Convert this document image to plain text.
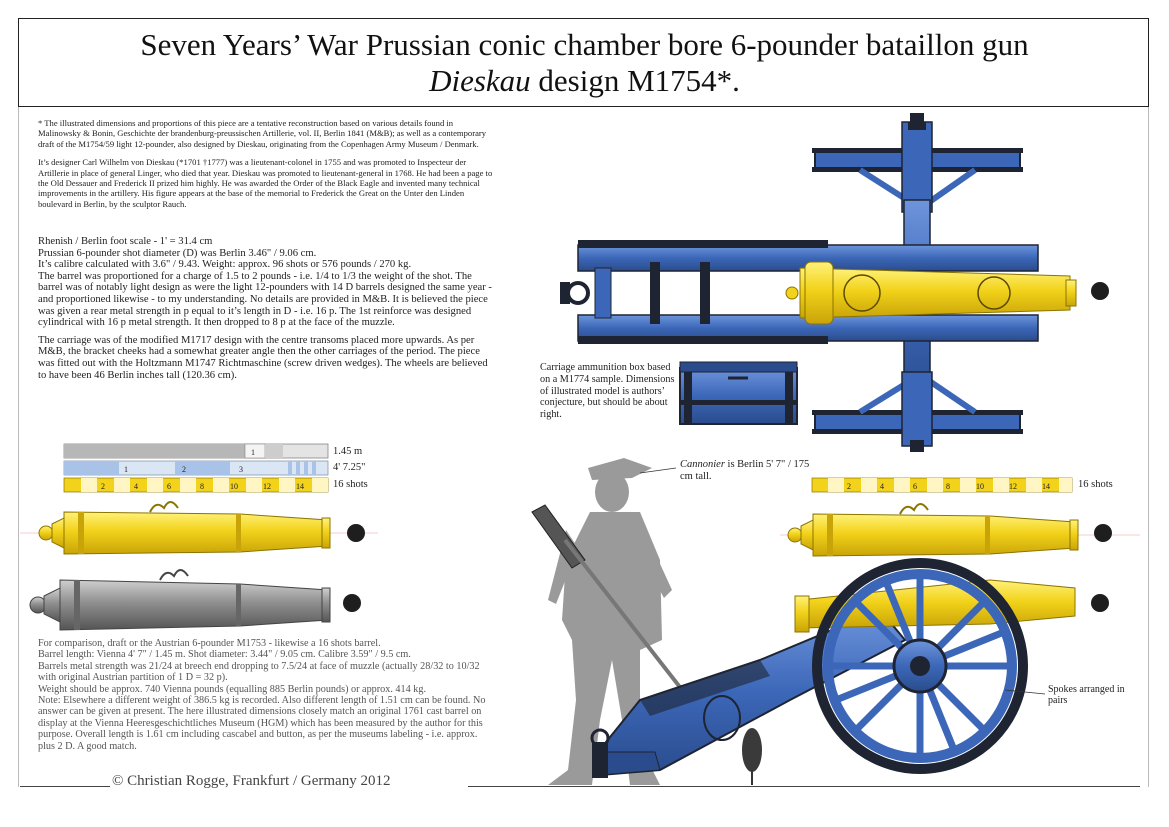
Seven Years’ War Prussian conic chamber bore 6-pounder bataillon gun
Dieskau design M1754*.

* The illustrated dimensions and proportions of this piece are a tentative reconstruction based on various details found in Malinowsky & Bonin, Geschichte der brandenburg-preussischen Artillerie, vol. II, Berlin 1841 (M&B); as well as a contemporary draft of the M1754/59 light 12-pounder, also designed by Dieskau, originating from the Copenhagen Army Museum / Denmark.

It’s designer Carl Wilhelm von Dieskau (*1701 †1777) was a lieutenant-colonel in 1755 and was promoted to Inspecteur der Artillerie in place of general Linger, who died that year. Dieskau was promoted to lieutenant-general in 1768. He had been a page to the Old Dessauer and Frederick II prized him highly. He was awarded the Order of the Black Eagle and invented many technical improvements in the artillery. His figure appears at the base of the memorial to Frederick the Great on the Unter den Linden boulevard in Berlin, by the sculptor Rauch.

Rhenish / Berlin foot scale - 1' = 31.4 cm
Prussian 6-pounder shot diameter (D) was Berlin 3.46" / 9.06 cm.
It’s calibre calculated with 3.6" / 9.43. Weight: approx. 96 shots or 576 pounds / 270 kg.
The barrel was proportioned for a charge of 1.5 to 2 pounds - i.e. 1/4 to 1/3 the weight of the shot. The barrel was of notably light design as were the light 12-pounders with 14 D barrels designed the same year - and proportioned likewise - to my understanding. No details are provided in M&B. It is believed the piece was given a rear metal strength in p equal to it’s length in D - i.e. 16 p. The 1st reinforce was designed cylindrical with 16 p metal strength. It then dropped to 8 p at the face of the muzzle.

The carriage was of the modified M1717 design with the centre transoms placed more upwards. As per M&B, the bracket cheeks had a somewhat greater angle then the other carriages of the period. The piece was fitted out with the Holtzmann M1747 Richtmaschine (screw driven wedges). The wheels are believed to have been 46 Berlin inches tall (120.36 cm).

For comparison, draft or the Austrian 6-pounder M1753 - likewise a 16 shots barrel.
Barrel length: Vienna 4' 7" / 1.45 m. Shot diameter: 3.44" / 9.05 cm. Calibre 3.59" / 9.5 cm.
Barrels metal strength was 21/24 at breech end dropping to 7.5/24 at face of muzzle (actually 28/32 to 10/32 with original Austrian partition of 1 D = 32 p).
Weight should be approx. 740 Vienna pounds (equalling 885 Berlin pounds) or approx. 414 kg.
Note: Elsewhere a different weight of 386.5 kg is recorded. Also different length of 1.51 cm can be found. No answer can be given at present. The here illustrated dimensions closely match an original 1761 cast barrel on display at the Vienna Heeresgeschichtliches Museum (HGM) which has been measured by the author for this purpose. Overall length is 1.61 cm including cascabel and button, as per the museums labeling - i.e. approx. plus 2 D. A good match.

1
1	2	3
2	4	6	8	10	12	14	2	4	6	8	10	12	14
1.45 m
4' 7.25"
16 shots	16 shots
Carriage ammunition box based on a M1774 sample. Dimensions of illustrated model is authors’ conjecture, but should be about right.
Cannonier is Berlin 5' 7" / 175 cm tall.
Spokes arranged in pairs
© Christian Rogge, Frankfurt / Germany 2012
